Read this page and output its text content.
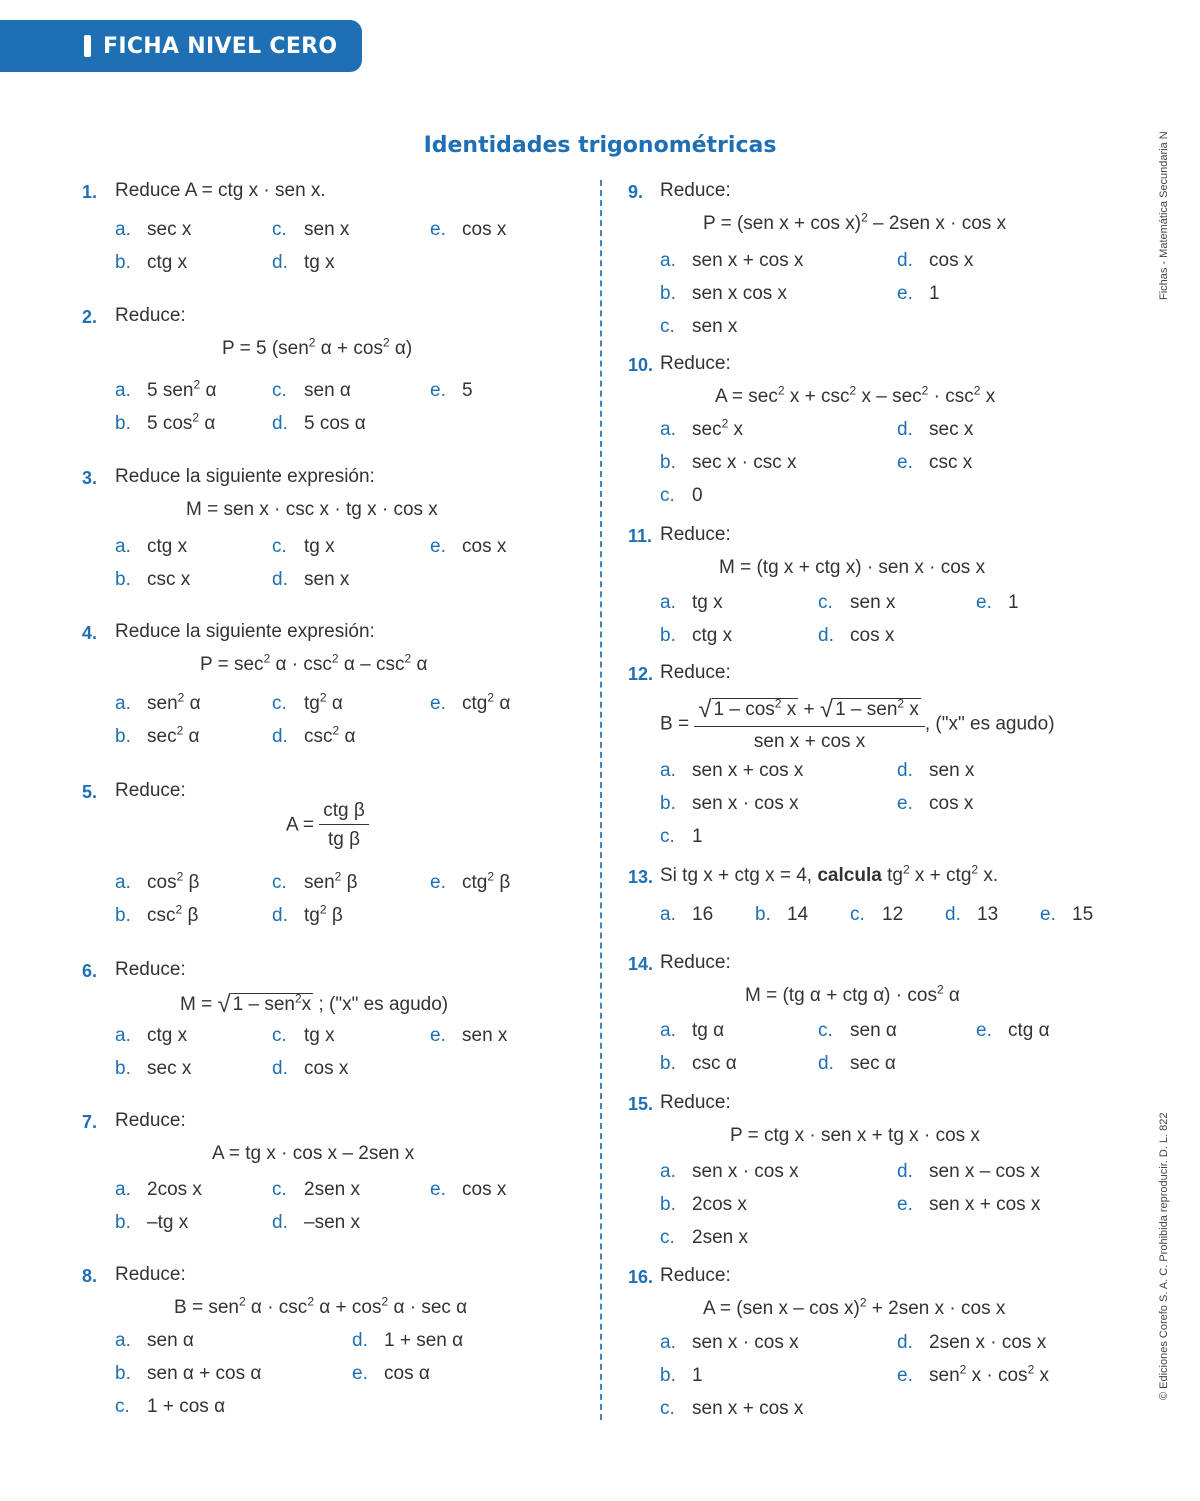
FICHA NIVEL CERO
Identidades trigonométricas	Fichas - Matemática Secundaria N
© Ediciones Corefo S. A. C. Prohibida reproducir. D. L. 822
1. Reduce A = ctg x · sen x.
a. sec x
b. ctg x
c. sen x
d. tg x
e. cos x
2. Reduce:
P = 5 (sen$^2$ $\alpha + \cos^2 \alpha$)
a. 5 sen$^2$ α
b. 5 $\cos^2 \alpha$
c. sen α
d. 5 cos α
e. 5
3. Reduce la siguiente expresión:
M = sen x · csc x · tg x · cos x
a. ctg x
b. csc x
c. tg x
d. sen x
e. cos x
4. Reduce la siguiente expresión:
$P = \sec^2 \alpha \cdot \csc^2 \alpha - \csc^2 \alpha$
a. sen$^2$ α
b. $\sec^2 \alpha$
c. $tg^2$ α
d. $\csc^2 \alpha$
e. ctg$^2$ α
5. Reduce:
$A = \frac{\text{ctg β}}{\text{tg β}}$
a. $\cos^2 \beta$
b. $\csc^2 \beta$
c. sen$^2$ β
d. $tg^2$ β
e. ctg$^2$ β
6. Reduce:
M = √ 1 – sen$^2$x ; ("x" es agudo)
a. ctg x
b. sec x
c. tg x
d. cos x
e. sen x
7. Reduce:
A = tg x · cos x – 2sen x
a. 2cos x
b. –tg x
c. 2sen x
d. –sen x
e. cos x
8. Reduce:
B = sen$^2$ $\alpha \cdot \csc^2 \alpha + \cos^2 \alpha \cdot \sec \alpha$
a. sen α
b. sen α + cos α
c. 1 + cos α
d. 1 + sen α
e. cos α
9. Reduce:
P = (sen x + cos x)$^2$ – 2sen x · cos x
a. sen x + cos x
b. sen x cos x
c. sen x
d. cos x
e. 1
10. Reduce:
$A = \sec^2 x + \csc^2 x - \sec^2 \cdot \csc^2 x$
a. $\sec^2 x$
b. sec x · csc x
c. 0
d. sec x
e. csc x
11. Reduce:
M = (tg x + ctg x) · sen x · cos x
a. tg x
b. ctg x
c. sen x
d. cos x
e. 1
12. Reduce:
$B = \frac{√ 1 - \cos^2 x + √ 1 - sen^2 x}{\text{sen x + cos x}}$ , ("x" es agudo)
a. sen x + cos x
b. sen x · cos x
c. 1
d. sen x
e. cos x
13. Si tg x + ctg x = 4, calcula $tg^2$ x + ctg$^2$ x.
a. 16 b. 14 c. 12 d. 13 e. 15
14. Reduce:
M = (tg α + ctg $\alpha) \cdot \cos^2 \alpha$
a. tg α
b. csc α
c. sen α
d. sec α
e. ctg α
15. Reduce:
P = ctg x · sen x + tg x · cos x
a. sen x · cos x
b. 2cos x
c. 2sen x
d. sen x – cos x
e. sen x + cos x
16. Reduce:
A = (sen x – cos x)$^2$ + 2sen x · cos x
a. sen x · cos x
b. 1
c. sen x + cos x
d. 2sen x · cos x
e. sen$^2$ $x \cdot \cos^2 x$
